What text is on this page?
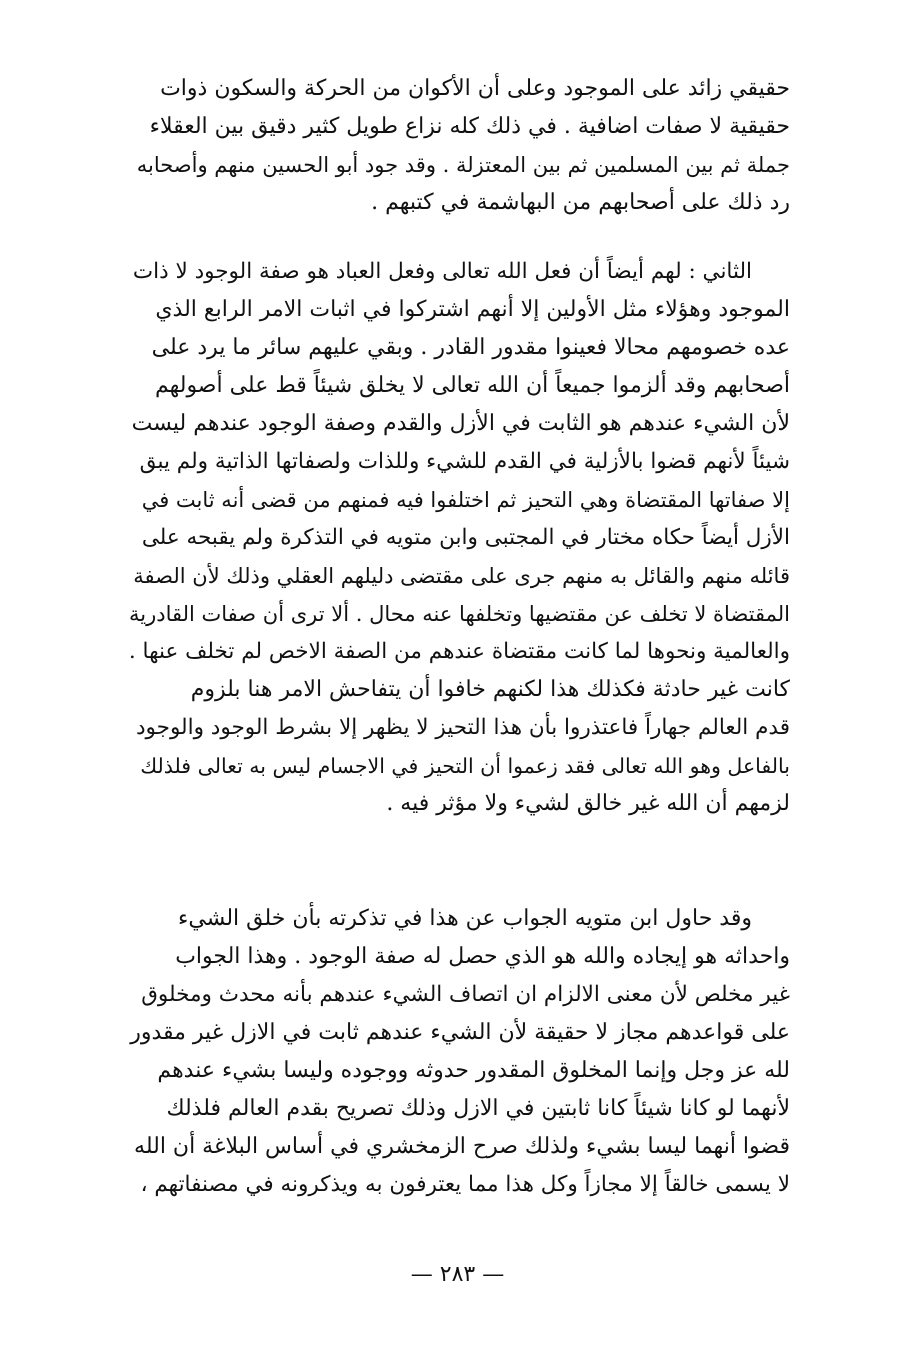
حقيقي زائد على الموجود وعلى أن الأكوان من الحركة والسكون ذوات
حقيقية لا صفات اضافية . في ذلك كله نزاع طويل كثير دقيق بين العقلاء
جملة ثم بين المسلمين ثم بين المعتزلة . وقد جود أبو الحسين منهم وأصحابه
رد ذلك على أصحابهم من البهاشمة في كتبهم .
الثاني : لهم أيضاً أن فعل الله تعالى وفعل العباد هو صفة الوجود لا ذات
الموجود وهؤلاء مثل الأولين إلا أنهم اشتركوا في اثبات الامر الرابع الذي
عده خصومهم محالا فعينوا مقدور القادر . وبقي عليهم سائر ما يرد على
أصحابهم وقد ألزموا جميعاً أن الله تعالى لا يخلق شيئاً قط على أصولهم
لأن الشيء عندهم هو الثابت في الأزل والقدم وصفة الوجود عندهم ليست
شيئاً لأنهم قضوا بالأزلية في القدم للشيء وللذات ولصفاتها الذاتية ولم يبق
إلا صفاتها المقتضاة وهي التحيز ثم اختلفوا فيه فمنهم من قضى أنه ثابت في
الأزل أيضاً حكاه مختار في المجتبى وابن متويه في التذكرة ولم يقبحه على
قائله منهم والقائل به منهم جرى على مقتضى دليلهم العقلي وذلك لأن الصفة
المقتضاة لا تخلف عن مقتضيها وتخلفها عنه محال . ألا ترى أن صفات القادرية
والعالمية ونحوها لما كانت مقتضاة عندهم من الصفة الاخص لم تخلف عنها .
كانت غير حادثة فكذلك هذا لكنهم خافوا أن يتفاحش الامر هنا بلزوم
قدم العالم جهاراً فاعتذروا بأن هذا التحيز لا يظهر إلا بشرط الوجود والوجود
بالفاعل وهو الله تعالى فقد زعموا أن التحيز في الاجسام ليس به تعالى فلذلك
لزمهم أن الله غير خالق لشيء ولا مؤثر فيه .
وقد حاول ابن متويه الجواب عن هذا في تذكرته بأن خلق الشيء
واحداثه هو إيجاده والله هو الذي حصل له صفة الوجود . وهذا الجواب
غير مخلص لأن معنى الالزام ان اتصاف الشيء عندهم بأنه محدث ومخلوق
على قواعدهم مجاز لا حقيقة لأن الشيء عندهم ثابت في الازل غير مقدور
لله عز وجل وإنما المخلوق المقدور حدوثه ووجوده وليسا بشيء عندهم
لأنهما لو كانا شيئاً كانا ثابتين في الازل وذلك تصريح بقدم العالم فلذلك
قضوا أنهما ليسا بشيء ولذلك صرح الزمخشري في أساس البلاغة أن الله
لا يسمى خالقاً إلا مجازاً وكل هذا مما يعترفون به ويذكرونه في مصنفاتهم ،
— ٢٨٣ —
